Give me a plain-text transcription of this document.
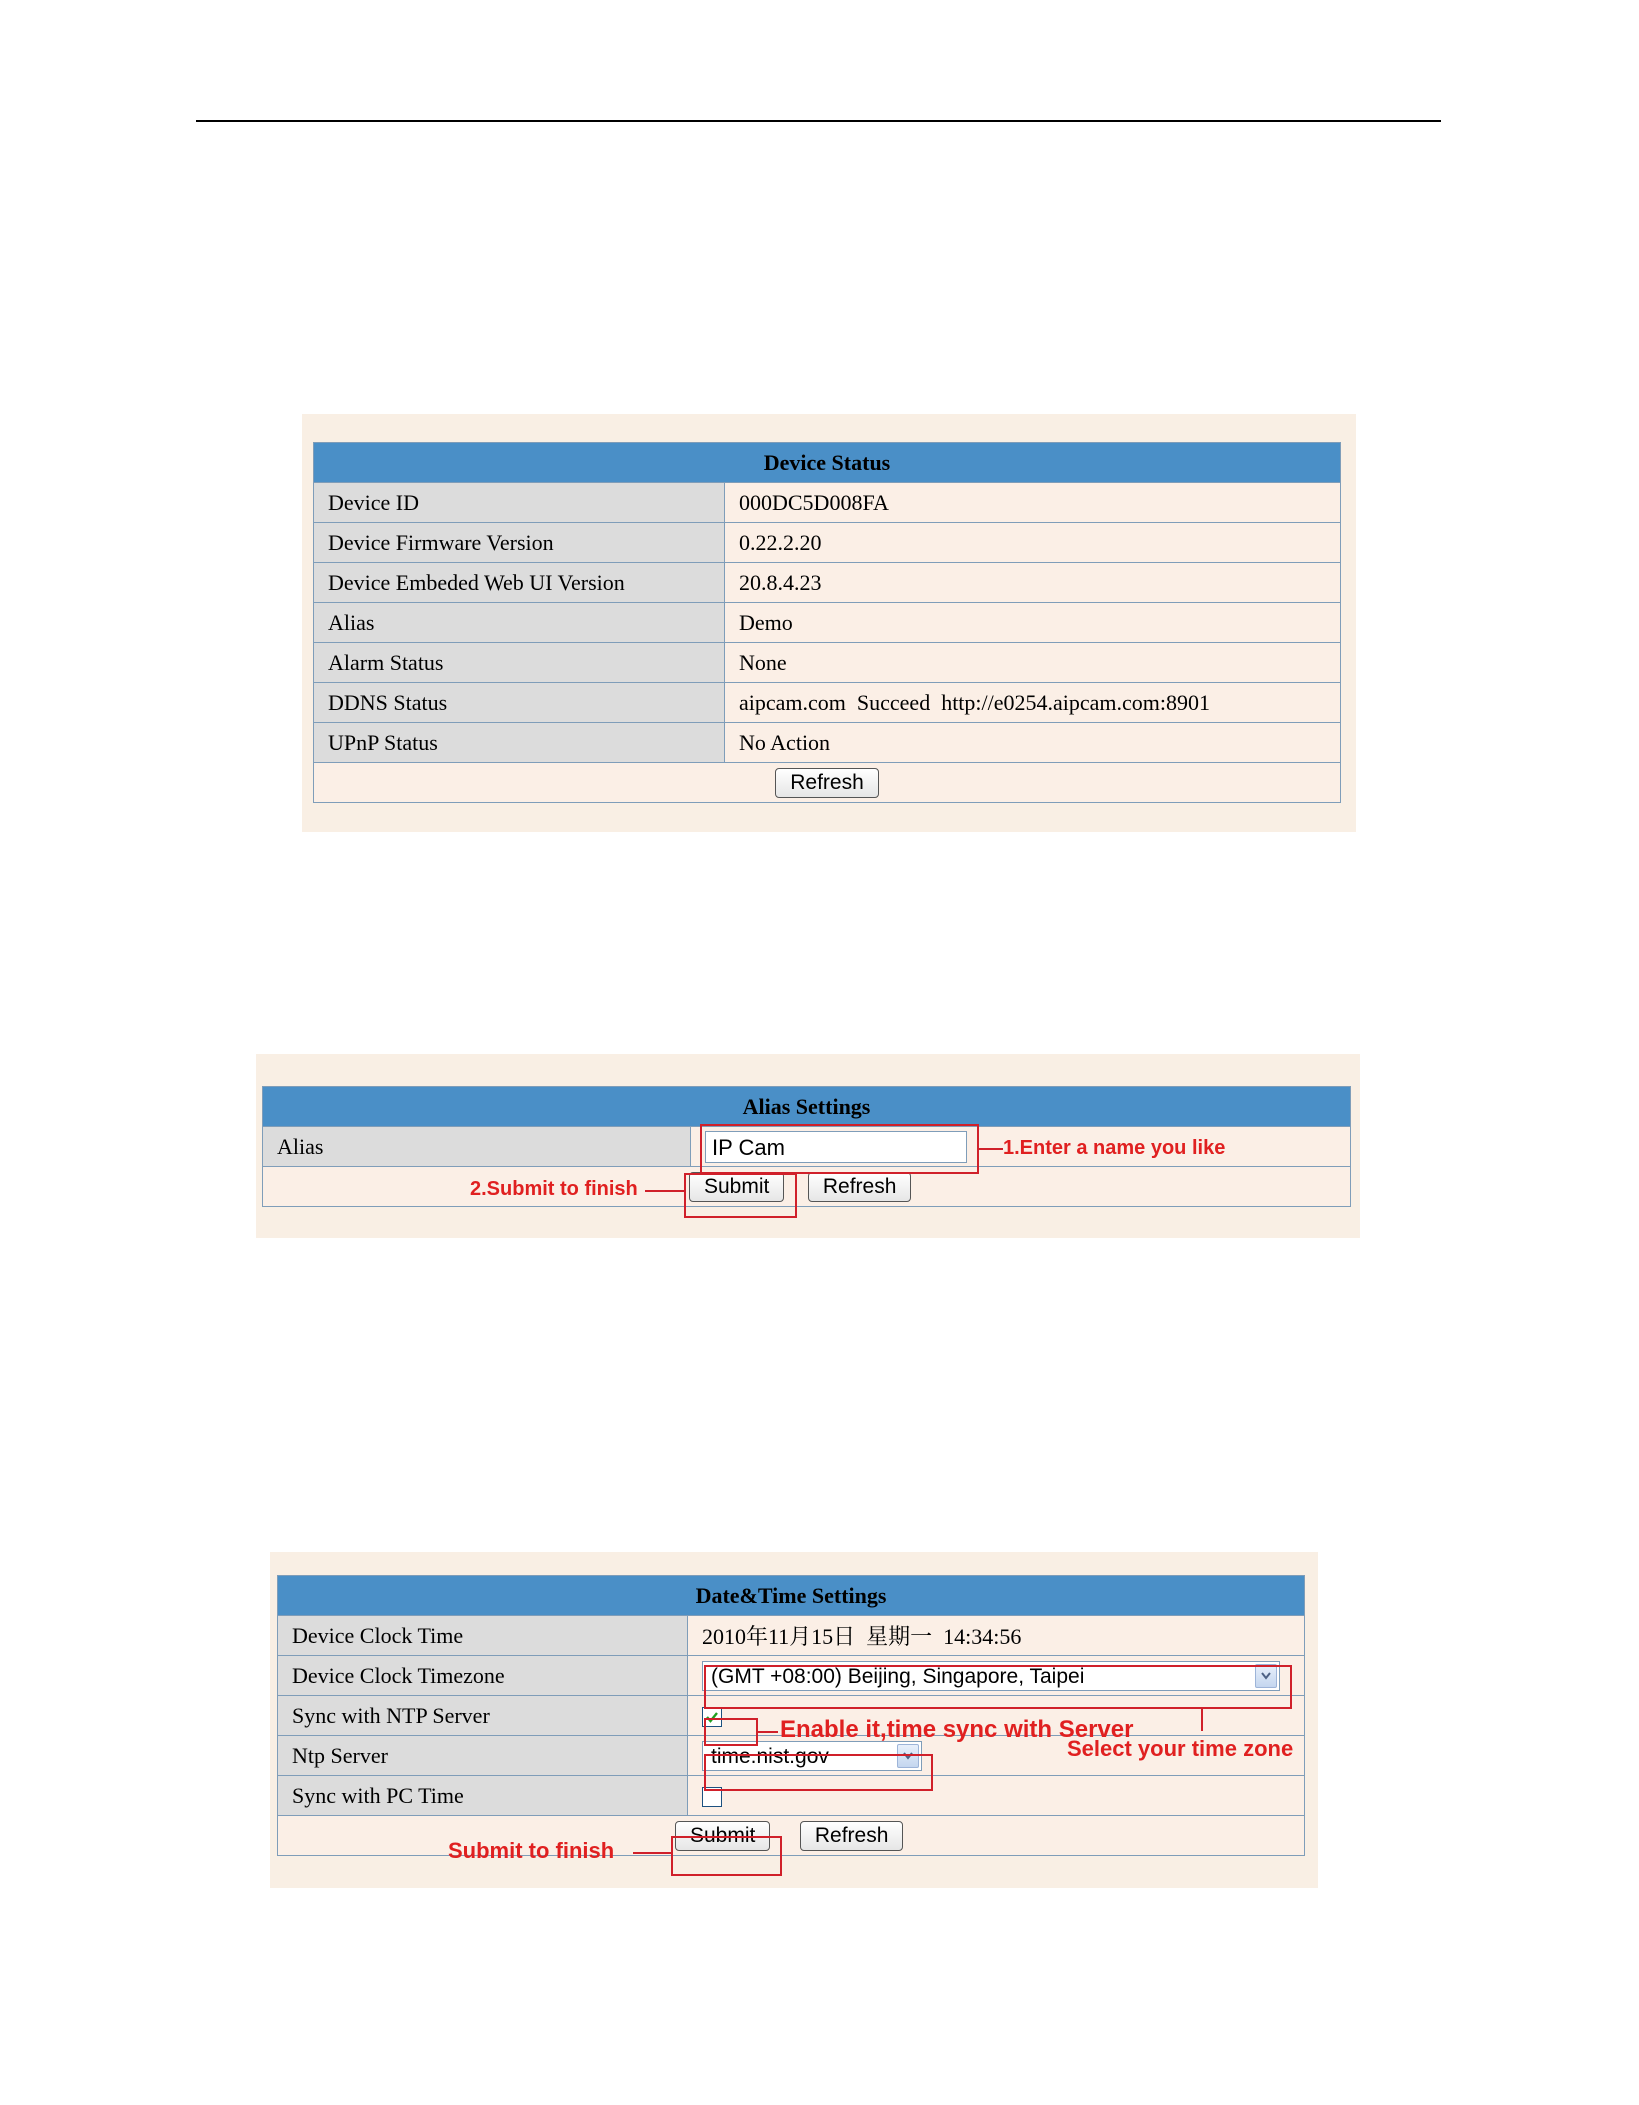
Device Status	
Device ID	000DC5D008FA
Device Firmware Version	0.22.2.20
Device Embeded Web UI Version	20.8.4.23
Alias	Demo
Alarm Status	None
DDNS Status	aipcam.com  Succeed  http://e0254.aipcam.com:8901
UPnP Status	No Action
Refresh	
Alias Settings
Alias	IP Cam
Submit	Refresh
1.Enter a name you like
2.Submit to finish
Date&Time Settings	
Device Clock Time	2010年11月15日  星期一  14:34:56
Device Clock Timezone	(GMT +08:00) Beijing, Singapore, Taipei

Sync with NTP Server	

Ntp Server	time.nist.gov

Sync with PC Time	
Submit Refresh	
Select your time zone
Enable it,time sync with Server
Submit to finish
